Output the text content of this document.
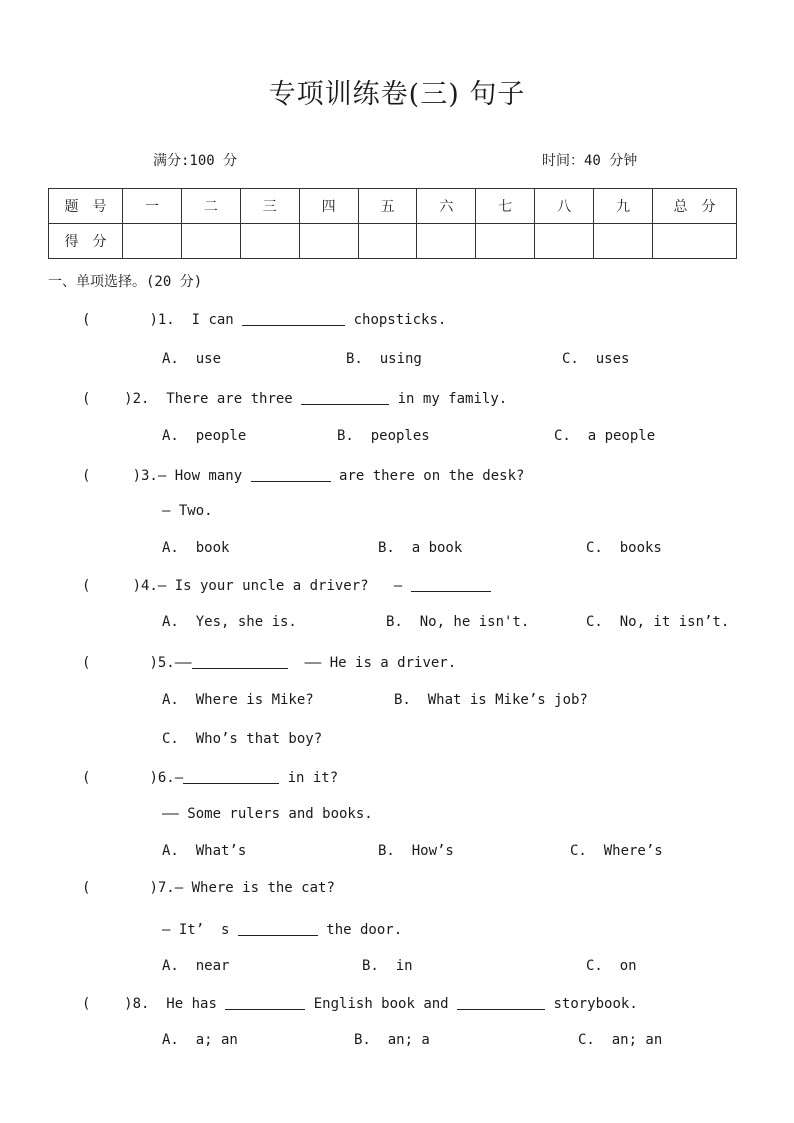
专项训练卷(三) 句子
满分:100 分	时间：40 分钟
题　号	一	二	三	四	五	六	七	八	九	总　分
得　分										
一、单项选择。(20 分)
(       )1.  I can	chopsticks.
A.  use	B.  using	C.  uses
(    )2.  There are three	in my family.
A.  people	B.  peoples	C.  a people
(     )3.— How many	are there on the desk?
— Two.
A.  book	B.  a book	C.  books
(     )4.— Is your uncle a driver?   —
A.  Yes, she is.	B.  No, he isn't.	C.  No, it isn’t.
(       )5.——	—— He is a driver.
A.  Where is Mike?	B.  What is Mike’s job?
C.  Who’s that boy?
(       )6.—	in it?
—— Some rulers and books.
A.  What’s	B.  How’s	C.  Where’s
(       )7.— Where is the cat?
— It’  s	the door.
A.  near	B.  in	C.  on
(    )8.  He has	English book and	storybook.
A.  a; an	B.  an; a	C.  an; an
